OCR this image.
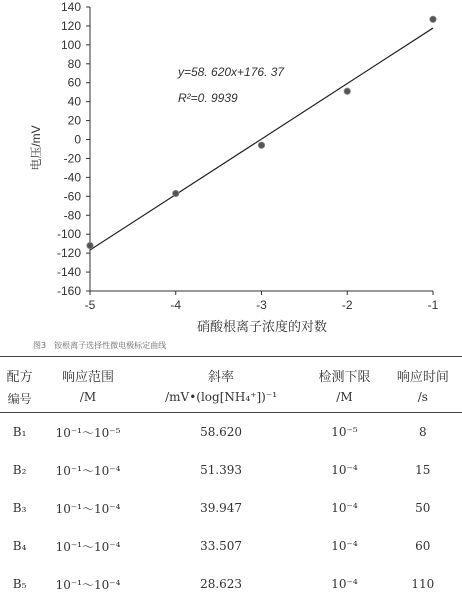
140
120
100
80
60
40
20
0
-20
-40
-60
-80
-100
-120
-140
-160
-5	-4	-3	-2	-1
y=58. 620x+176. 37
R²=0. 9939
电压/mV
硝酸根离子浓度的对数
图3　铵根离子选择性微电极标定曲线
配方	响应范围	斜率	检测下限	响应时间
编号	/M	/mV•(log[NH₄⁺])⁻¹	/M	/s
B₁	10⁻¹～10⁻⁵	58.620	10⁻⁵	8
B₂	10⁻¹～10⁻⁴	51.393	10⁻⁴	15
B₃	10⁻¹～10⁻⁴	39.947	10⁻⁴	50
B₄	10⁻¹～10⁻⁴	33.507	10⁻⁴	60
B₅	10⁻¹～10⁻⁴	28.623	10⁻⁴	110
